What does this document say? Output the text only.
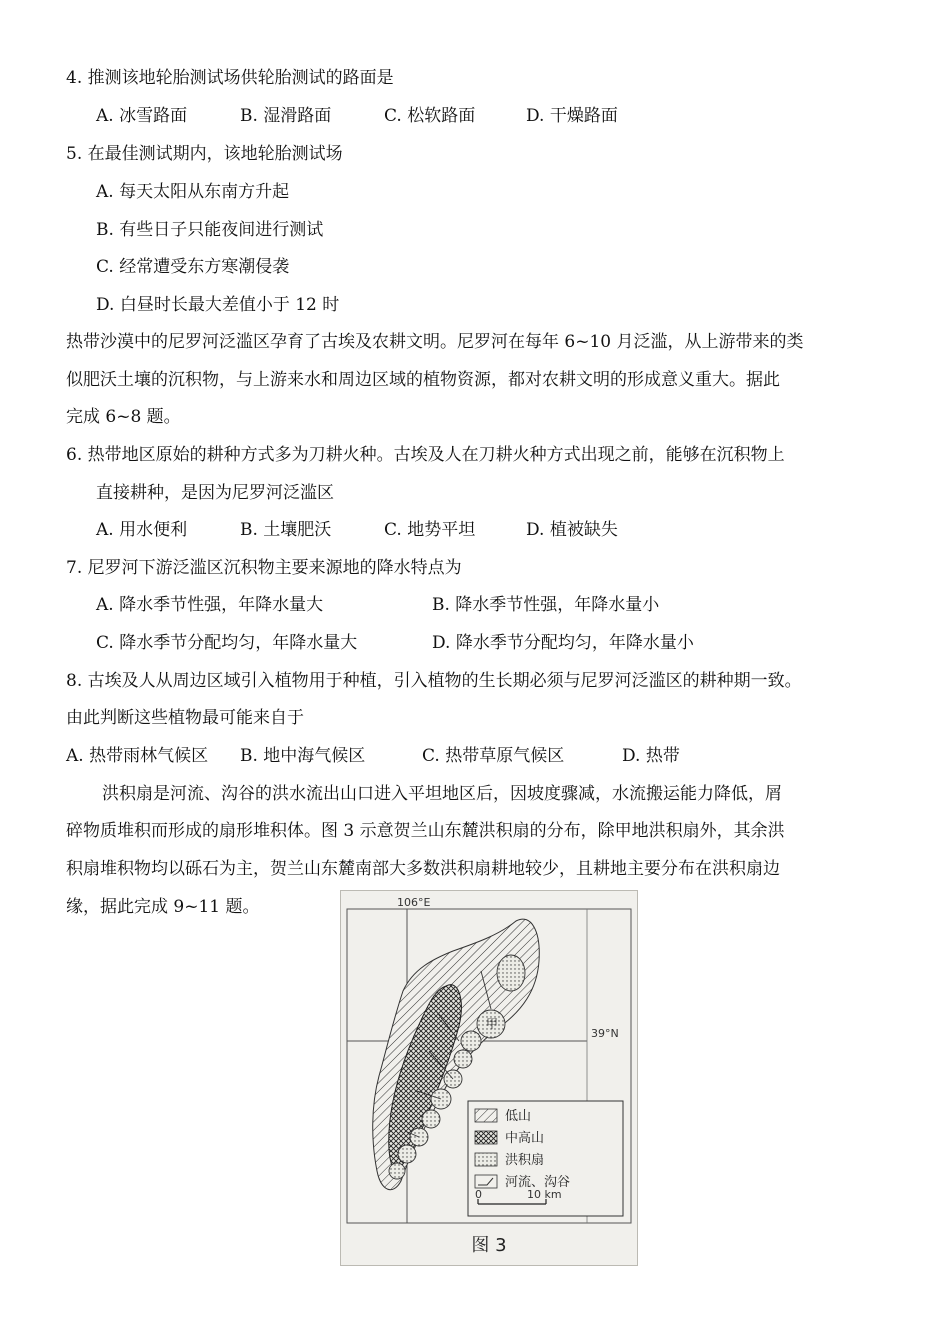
4. 推测该地轮胎测试场供轮胎测试的路面是
A. 冰雪路面	B. 湿滑路面	C. 松软路面	D. 干燥路面
5. 在最佳测试期内，该地轮胎测试场
A. 每天太阳从东南方升起
B. 有些日子只能夜间进行测试
C. 经常遭受东方寒潮侵袭
D. 白昼时长最大差值小于 12 时
热带沙漠中的尼罗河泛滥区孕育了古埃及农耕文明。尼罗河在每年 6~10 月泛滥，从上游带来的类
似肥沃土壤的沉积物，与上游来水和周边区域的植物资源，都对农耕文明的形成意义重大。据此
完成 6~8 题。
6. 热带地区原始的耕种方式多为刀耕火种。古埃及人在刀耕火种方式出现之前，能够在沉积物上
直接耕种，是因为尼罗河泛滥区
A. 用水便利	B. 土壤肥沃	C. 地势平坦	D. 植被缺失
7. 尼罗河下游泛滥区沉积物主要来源地的降水特点为
A. 降水季节性强，年降水量大	B. 降水季节性强，年降水量小
C. 降水季节分配均匀，年降水量大	D. 降水季节分配均匀，年降水量小
8. 古埃及人从周边区域引入植物用于种植，引入植物的生长期必须与尼罗河泛滥区的耕种期一致。
由此判断这些植物最可能来自于
A. 热带雨林气候区 B. 地中海气候区	C. 热带草原气候区	D. 热带
洪积扇是河流、沟谷的洪水流出山口进入平坦地区后，因坡度骤减，水流搬运能力降低，屑
碎物质堆积而形成的扇形堆积体。图 3 示意贺兰山东麓洪积扇的分布，除甲地洪积扇外，其余洪
积扇堆积物均以砾石为主，贺兰山东麓南部大多数洪积扇耕地较少，且耕地主要分布在洪积扇边
缘，据此完成 9~11 题。	106°E
39°N
甲
低山
中高山
洪积扇
河流、沟谷
0	10 km
图 3
